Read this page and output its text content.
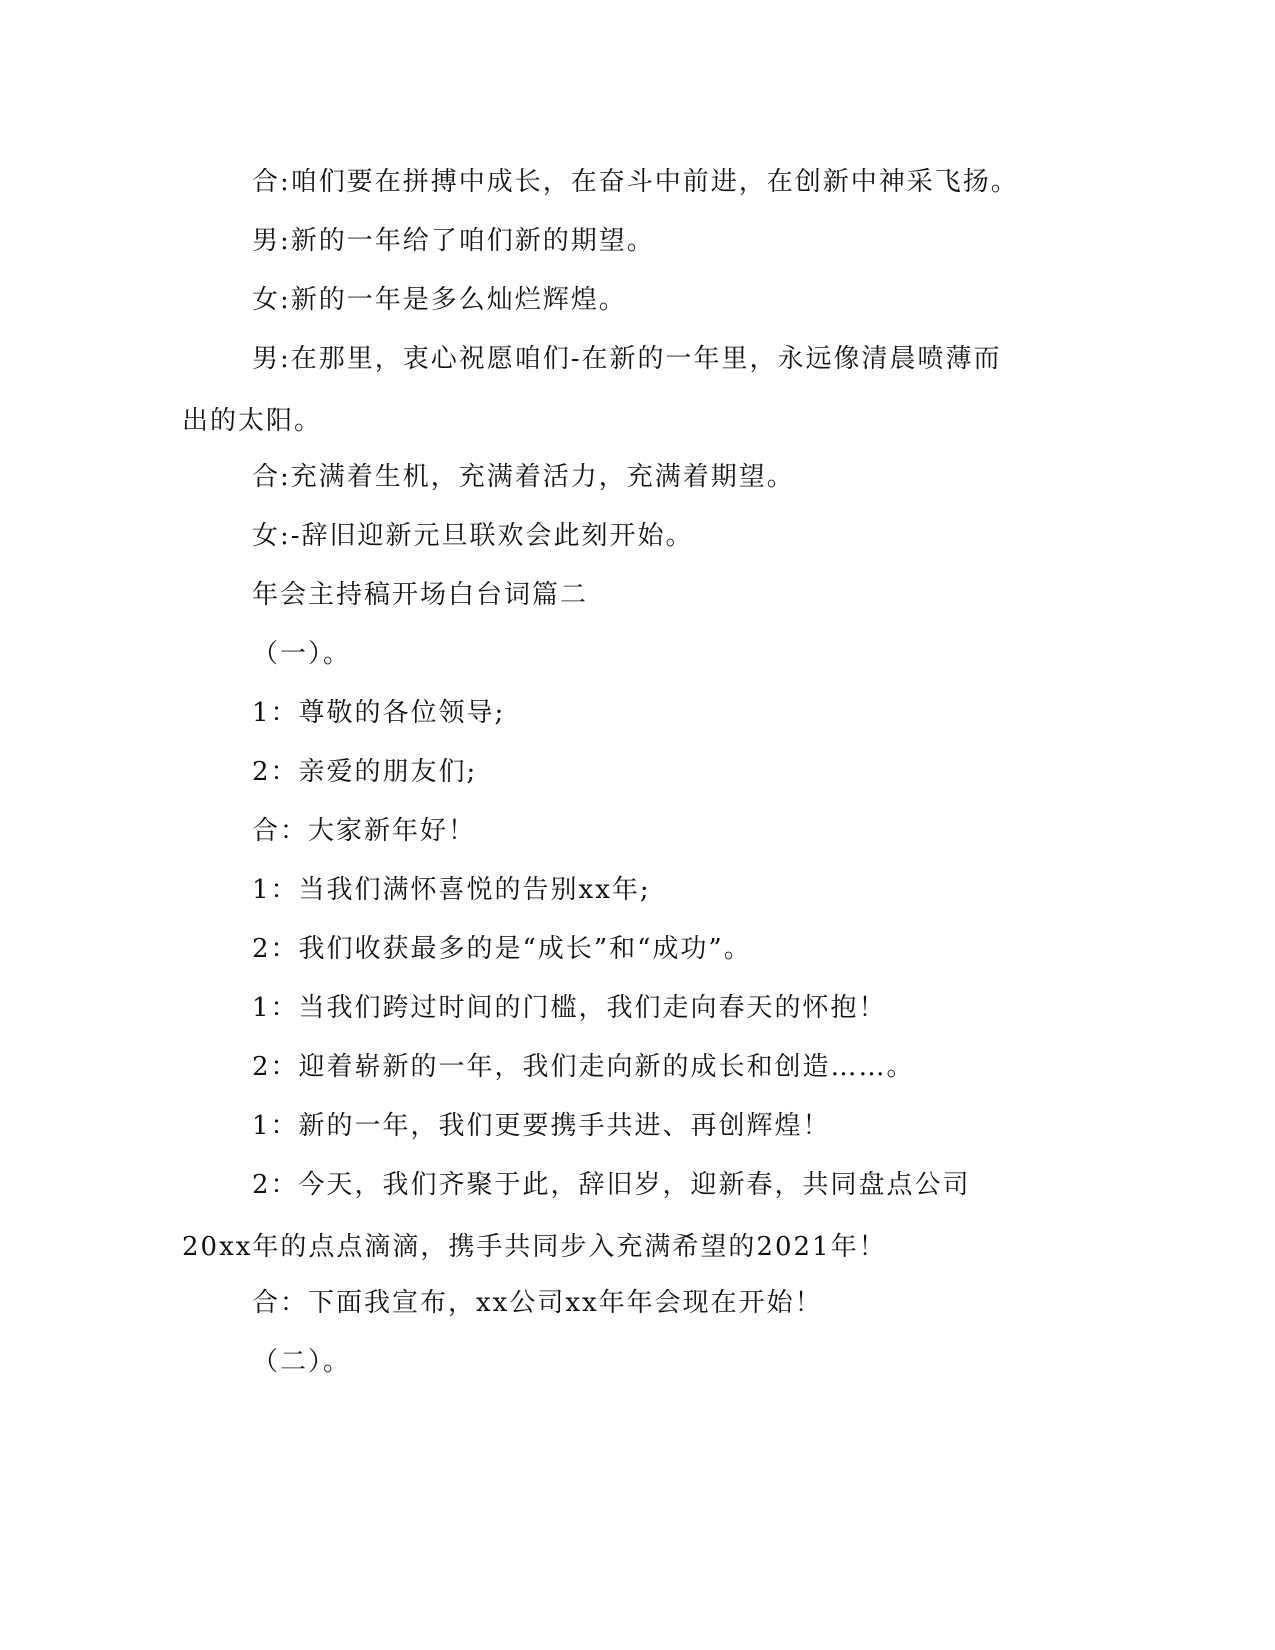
合:咱们要在拼搏中成长，在奋斗中前进，在创新中神采飞扬。

男:新的一年给了咱们新的期望。

女:新的一年是多么灿烂辉煌。

男:在那里，衷心祝愿咱们-在新的一年里，永远像清晨喷薄而出的太阳。

合:充满着生机，充满着活力，充满着期望。

女:-辞旧迎新元旦联欢会此刻开始。

年会主持稿开场白台词篇二

（一）。

1：尊敬的各位领导;

2：亲爱的朋友们;

合：大家新年好！

1：当我们满怀喜悦的告别xx年;

2：我们收获最多的是“成长”和“成功”。

1：当我们跨过时间的门槛，我们走向春天的怀抱！

2：迎着崭新的一年，我们走向新的成长和创造……。

1：新的一年，我们更要携手共进、再创辉煌！

2：今天，我们齐聚于此，辞旧岁，迎新春，共同盘点公司20xx年的点点滴滴，携手共同步入充满希望的2021年！

合：下面我宣布，xx公司xx年年会现在开始！

（二）。
